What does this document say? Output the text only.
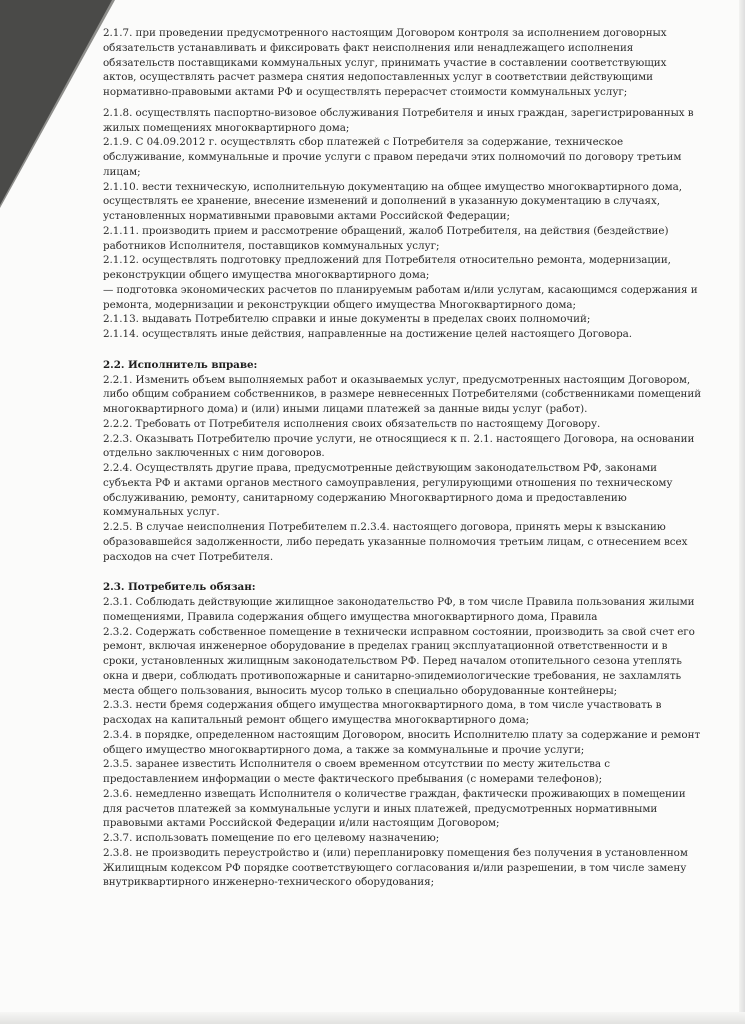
2.1.7. при проведении предусмотренного настоящим Договором контроля за исполнением договорных обязательств устанавливать и фиксировать факт неисполнения или ненадлежащего исполнения обязательств поставщиками коммунальных услуг, принимать участие в составлении соответствующих актов, осуществлять расчет размера снятия недопоставленных услуг в соответствии действующими нормативно-правовыми актами РФ и осуществлять перерасчет стоимости коммунальных услуг;

2.1.8. осуществлять паспортно-визовое обслуживания Потребителя и иных граждан, зарегистрированных в жилых помещениях многоквартирного дома;

2.1.9. С 04.09.2012 г. осуществлять сбор платежей с Потребителя за содержание, техническое обслуживание, коммунальные и прочие услуги с правом передачи этих полномочий по договору третьим лицам;

2.1.10. вести техническую, исполнительную документацию на общее имущество многоквартирного дома, осуществлять ее хранение, внесение изменений и дополнений в указанную документацию в случаях, установленных нормативными правовыми актами Российской Федерации;

2.1.11. производить прием и рассмотрение обращений, жалоб Потребителя, на действия (бездействие) работников Исполнителя, поставщиков коммунальных услуг;

2.1.12. осуществлять подготовку предложений для Потребителя относительно ремонта, модернизации, реконструкции общего имущества многоквартирного дома;

— подготовка экономических расчетов по планируемым работам и/или услугам, касающимся содержания и ремонта, модернизации и реконструкции общего имущества Многоквартирного дома;

2.1.13. выдавать Потребителю справки и иные документы в пределах своих полномочий;

2.1.14. осуществлять иные действия, направленные на достижение целей настоящего Договора.

2.2. Исполнитель вправе:

2.2.1. Изменить объем выполняемых работ и оказываемых услуг, предусмотренных настоящим Договором, либо общим собранием собственников, в размере невнесенных Потребителями (собственниками помещений многоквартирного дома) и (или) иными лицами платежей за данные виды услуг (работ).

2.2.2. Требовать от Потребителя исполнения своих обязательств по настоящему Договору.

2.2.3. Оказывать Потребителю прочие услуги, не относящиеся к п. 2.1. настоящего Договора, на основании отдельно заключенных с ним договоров.

2.2.4. Осуществлять другие права, предусмотренные действующим законодательством РФ, законами субъекта РФ и актами органов местного самоуправления, регулирующими отношения по техническому обслуживанию, ремонту, санитарному содержанию Многоквартирного дома и предоставлению коммунальных услуг.

2.2.5. В случае неисполнения Потребителем п.2.3.4. настоящего договора, принять меры к взысканию образовавшейся задолженности, либо передать указанные полномочия третьим лицам, с отнесением всех расходов на счет Потребителя.

2.3. Потребитель обязан:

2.3.1. Соблюдать действующие жилищное законодательство РФ, в том числе Правила пользования жилыми помещениями, Правила содержания общего имущества многоквартирного дома, Правила

2.3.2. Содержать собственное помещение в технически исправном состоянии, производить за свой счет его ремонт, включая инженерное оборудование в пределах границ эксплуатационной ответственности и в сроки, установленных жилищным законодательством РФ. Перед началом отопительного сезона утеплять окна и двери, соблюдать противопожарные и санитарно-эпидемиологические требования, не захламлять места общего пользования, выносить мусор только в специально оборудованные контейнеры;

2.3.3. нести бремя содержания общего имущества многоквартирного дома, в том числе участвовать в расходах на капитальный ремонт общего имущества многоквартирного дома;

2.3.4. в порядке, определенном настоящим Договором, вносить Исполнителю плату за содержание и ремонт общего имущество многоквартирного дома, а также за коммунальные и прочие услуги;

2.3.5. заранее известить Исполнителя о своем временном отсутствии по месту жительства с предоставлением информации о месте фактического пребывания (с номерами телефонов);

2.3.6. немедленно извещать Исполнителя о количестве граждан, фактически проживающих в помещении для расчетов платежей за коммунальные услуги и иных платежей, предусмотренных нормативными правовыми актами Российской Федерации и/или настоящим Договором;

2.3.7. использовать помещение по его целевому назначению;

2.3.8. не производить переустройство и (или) перепланировку помещения без получения в установленном Жилищным кодексом РФ порядке соответствующего согласования и/или разрешении, в том числе замену внутриквартирного инженерно-технического оборудования;
